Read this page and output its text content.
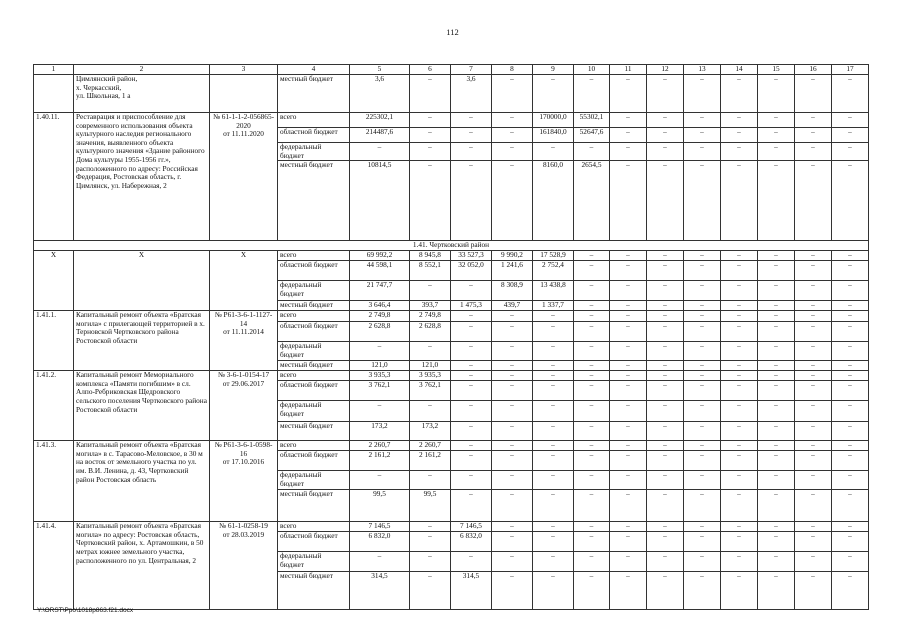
112
1	2	3	4	5	6	7	8	9	10	11	12	13	14	15	16	17
	Цимлянский район,
х. Черкасский,
ул. Школьная, 1 а		местный бюджет	3,6	–	3,6	–	–	–	–	–	–	–	–	–	–
1.40.11.	Реставрация и приспособление для современного использования объекта культурного наследия регионального значения, выявленного объекта культурного значения «Здание районного Дома культуры 1955-1956 гг.», расположенного по адресу: Российская Федерация, Ростовская область, г. Цимлянск, ул. Набережная, 2	№ 61-1-1-2-056865-2020
от 11.11.2020	всего	225302,1	–	–	–	170000,0	55302,1	–	–	–	–	–	–	–
			областной бюджет	214487,6	–	–	–	161840,0	52647,6	–	–	–	–	–	–	–
			федеральный бюджет	–	–	–	–	–	–	–	–	–	–	–	–	–
			местный бюджет	10814,5	–	–	–	8160,0	2654,5	–	–	–	–	–	–	–
1.41. Чертковский район																
Х	Х	Х	всего	69 992,2	8 945,8	33 527,3	9 990,2	17 528,9	–	–	–	–	–	–	–	–
			областной бюджет	44 598,1	8 552,1	32 052,0	1 241,6	2 752,4	–	–	–	–	–	–	–	–
			федеральный бюджет	21 747,7	–	–	8 308,9	13 438,8	–	–	–	–	–	–	–	–
			местный бюджет	3 646,4	393,7	1 475,3	439,7	1 337,7	–	–	–	–	–	–	–	–
1.41.1.	Капитальный ремонт объекта «Братская могила» с прилегающей территорией в х. Терновской Чертковского района Ростовской области	№ Р61-3-6-1-1127-14
от 11.11.2014	всего	2 749,8	2 749,8	–	–	–	–	–	–	–	–	–	–	–
			областной бюджет	2 628,8	2 628,8	–	–	–	–	–	–	–	–	–	–	–
			федеральный бюджет	–	–	–	–	–	–	–	–	–	–	–	–	–
			местный бюджет	121,0	121,0	–	–	–	–	–	–	–	–	–	–	–
1.41.2.	Капитальный ремонт Мемориального комплекса «Памяти погибшим» в сл. Алпо-Ребриковская Щедровского сельского поселения Чертковского района Ростовской области	№ 3-6-1-0154-17
от 29.06.2017	всего	3 935,3	3 935,3	–	–	–	–	–	–	–	–	–	–	–
			областной бюджет	3 762,1	3 762,1	–	–	–	–	–	–	–	–	–	–	–
			федеральный бюджет	–	–	–	–	–	–	–	–	–	–	–	–	–
			местный бюджет	173,2	173,2	–	–	–	–	–	–	–	–	–	–	–
1.41.3.	Капитальный ремонт объекта «Братская могила» в с. Тарасово-Меловское, в 30 м на восток от земельного участка по ул. им. В.И. Ленина, д. 43, Чертковский район Ростовская область	№ Р61-3-6-1-0598-16
от 17.10.2016	всего	2 260,7	2 260,7	–	–	–	–	–	–	–	–	–	–	–
			областной бюджет	2 161,2	2 161,2	–	–	–	–	–	–	–	–	–	–	–
			федеральный бюджет	–	–	–	–	–	–	–	–	–	–	–	–	–
			местный бюджет	99,5	99,5	–	–	–	–	–	–	–	–	–	–	–
1.41.4.	Капитальный ремонт объекта «Братская могила» по адресу: Ростовская область, Чертковский район, х. Артамошкин, в 50 метрах южнее земельного участка, расположенного по ул. Центральная, 2	№ 61-1-0258-19
от 28.03.2019	всего	7 146,5	–	7 146,5	–	–	–	–	–	–	–	–	–	–
			областной бюджет	6 832,0	–	6 832,0	–	–	–	–	–	–	–	–	–	–
			федеральный бюджет	–	–	–	–	–	–	–	–	–	–	–	–	–
			местный бюджет	314,5	–	314,5	–	–	–	–	–	–	–	–	–	–
Y:\ORST\Ppo\1018p863.f21.docx
